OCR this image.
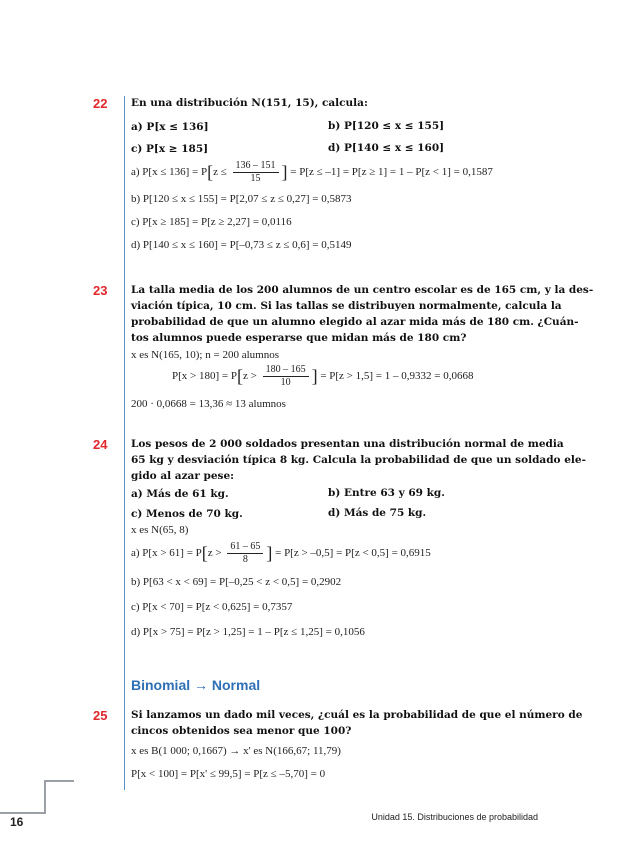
22 En una distribución N(151, 15), calcula:
a) P[x ≤ 136]	b) P[120 ≤ x ≤ 155]
c) P[x ≥ 185]	d) P[140 ≤ x ≤ 160]
a) $P[x \le 136] = P[z \le \frac{136 - 151}{15}$ ] = P[z ≤ –1] = P[z ≥ 1] = 1 – P[z < 1] = 0,1587
b) P[120 ≤ x ≤ 155] = P[2,07 ≤ z ≤ 0,27] = 0,5873
c) P[x ≥ 185] = P[z ≥ 2,27] = 0,0116
d) P[140 ≤ x ≤ 160] = P[–0,73 ≤ z ≤ 0,6] = 0,5149
23 La talla media de los 200 alumnos de un centro escolar es de 165 cm, y la des-
viación típica, 10 cm. Si las tallas se distribuyen normalmente, calcula la
probabilidad de que un alumno elegido al azar mida más de 180 cm. ¿Cuán-
tos alumnos puede esperarse que midan más de 180 cm?
x es N(165, 10); n = 200 alumnos
$P[x > 180] = P[z > \frac{180 - 165}{10}$ ] = P[z > 1,5] = 1 – 0,9332 = 0,0668
200 · 0,0668 = 13,36 ≈ 13 alumnos
24 Los pesos de 2 000 soldados presentan una distribución normal de media
65 kg y desviación típica 8 kg. Calcula la probabilidad de que un soldado ele-
gido al azar pese:
a) Más de 61 kg.	b) Entre 63 y 69 kg.
c) Menos de 70 kg.	d) Más de 75 kg.
x es N(65, 8)
a) $P[x > 61] = P[z > \frac{61 - 65}{8}$ ] = P[z > –0,5] = P[z < 0,5] = 0,6915
b) P[63 < x < 69] = P[–0,25 < z < 0,5] = 0,2902
c) P[x < 70] = P[z < 0,625] = 0,7357
d) P[x > 75] = P[z > 1,25] = 1 – P[z ≤ 1,25] = 0,1056
Binomial → Normal
25 Si lanzamos un dado mil veces, ¿cuál es la probabilidad de que el número de
cincos obtenidos sea menor que 100?
x es B(1 000; 0,1667) → x' es N(166,67; 11,79)
P[x < 100] = P[x' ≤ 99,5] = P[z ≤ –5,70] = 0
16	Unidad 15. Distribuciones de probabilidad
